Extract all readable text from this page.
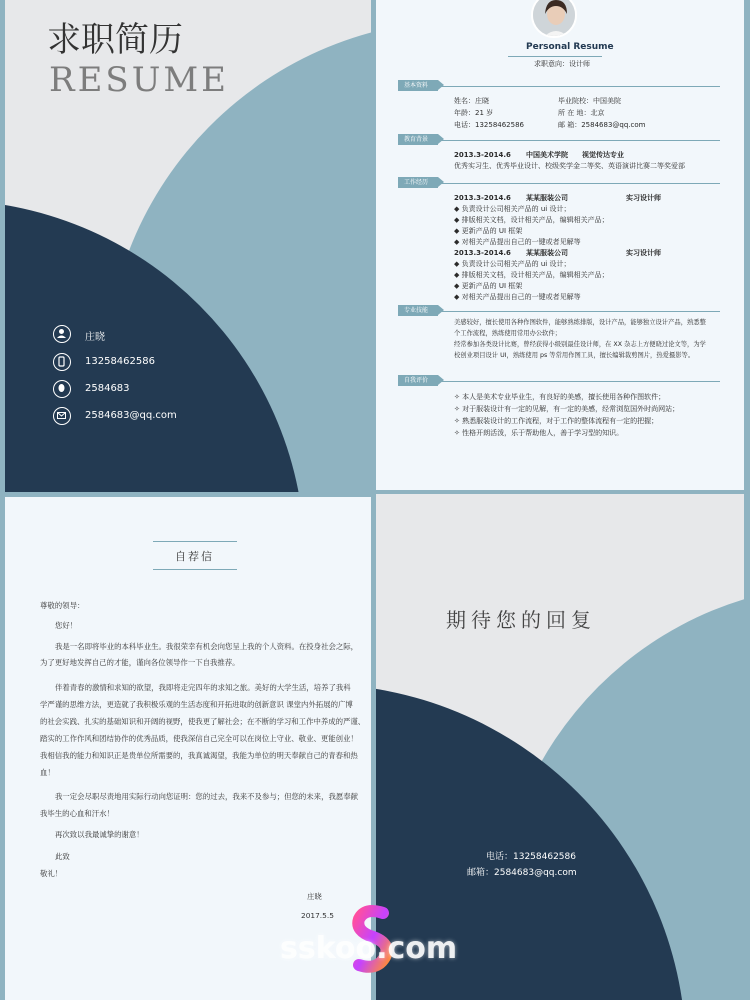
求职简历
RESUME
庄晓
13258462586
2584683
2584683@qq.com
Personal Resume
求职意向：设计师
基本资料
姓名：庄晓
年龄：21 岁
电话：13258462586
毕业院校：中国美院
所 在 地：北京
邮 箱：2584683@qq.com
教育背景
2013.3-2014.6 中国美术学院 视觉传达专业
优秀实习生、优秀毕业设计、校级奖学金二等奖、英语演讲比赛二等奖爱部
工作经历
2013.3-2014.6 某某服装公司	实习设计师
◆ 负责设计公司相关产品的 ui 设计；
◆ 排版相关文档，设计相关产品，编辑相关产品；
◆ 更新产品的 UI 框架
◆ 对相关产品提出自己的一键或者见解等
2013.3-2014.6 某某服装公司	实习设计师
◆ 负责设计公司相关产品的 ui 设计；
◆ 排版相关文档，设计相关产品，编辑相关产品；
◆ 更新产品的 UI 框架
◆ 对相关产品提出自己的一键或者见解等
专业技能
美感较好，擅长使用各种作图软件，能够熟练排版，设计产品，能够独立设计产品，熟悉整
个工作流程，熟练使用常用办公软件；
经常参加各类设计比赛，曾经获得小级别最佳设计师，在 XX 杂志上方便晓过论文等，为学
校创业项目设计 UI，熟练使用 ps 等常用作图工具，擅长编辑裁剪图片，热爱摄影等。
自我评价
✧ 本人是美术专业毕业生，有良好的美感，擅长使用各种作图软件；
✧ 对于服装设计有一定的见解，有一定的美感，经常浏览国外时尚网站；
✧ 熟悉服装设计的工作流程，对于工作的整体流程有一定的把握；
✧ 性格开朗活泼，乐于帮助他人，善于学习型的知识。
自荐信
尊敬的领导：
您好！
我是一名即将毕业的本科毕业生。我很荣幸有机会向您呈上我的个人资料。在投身社会之际，
为了更好地发挥自己的才能，谨向各位领导作一下自我推荐。
伴着青春的激情和求知的欲望，我即将走完四年的求知之旅。美好的大学生活，培养了我科
学严谨的思维方法，更造就了我积极乐观的生活态度和开拓进取的创新意识 课堂内外拓展的广博
的社会实践、扎实的基础知识和开阔的视野，使我更了解社会；在不断的学习和工作中养成的严谨、
踏实的工作作风和团结协作的优秀品质，使我深信自己完全可以在岗位上守业、敬业、更能创业！
我相信我的能力和知识正是贵单位所需要的，我真诚渴望，我能为单位的明天奉献自己的青春和热
血！
我一定会尽职尽责地用实际行动向您证明：您的过去，我来不及参与；但您的未来，我愿奉献
我毕生的心血和汗水！
再次致以我最诚挚的谢意！
此致
敬礼！
庄晓
2017.5.5
期待您的回复
电话：13258462586
邮箱：2584683@qq.com
sskoo.com
